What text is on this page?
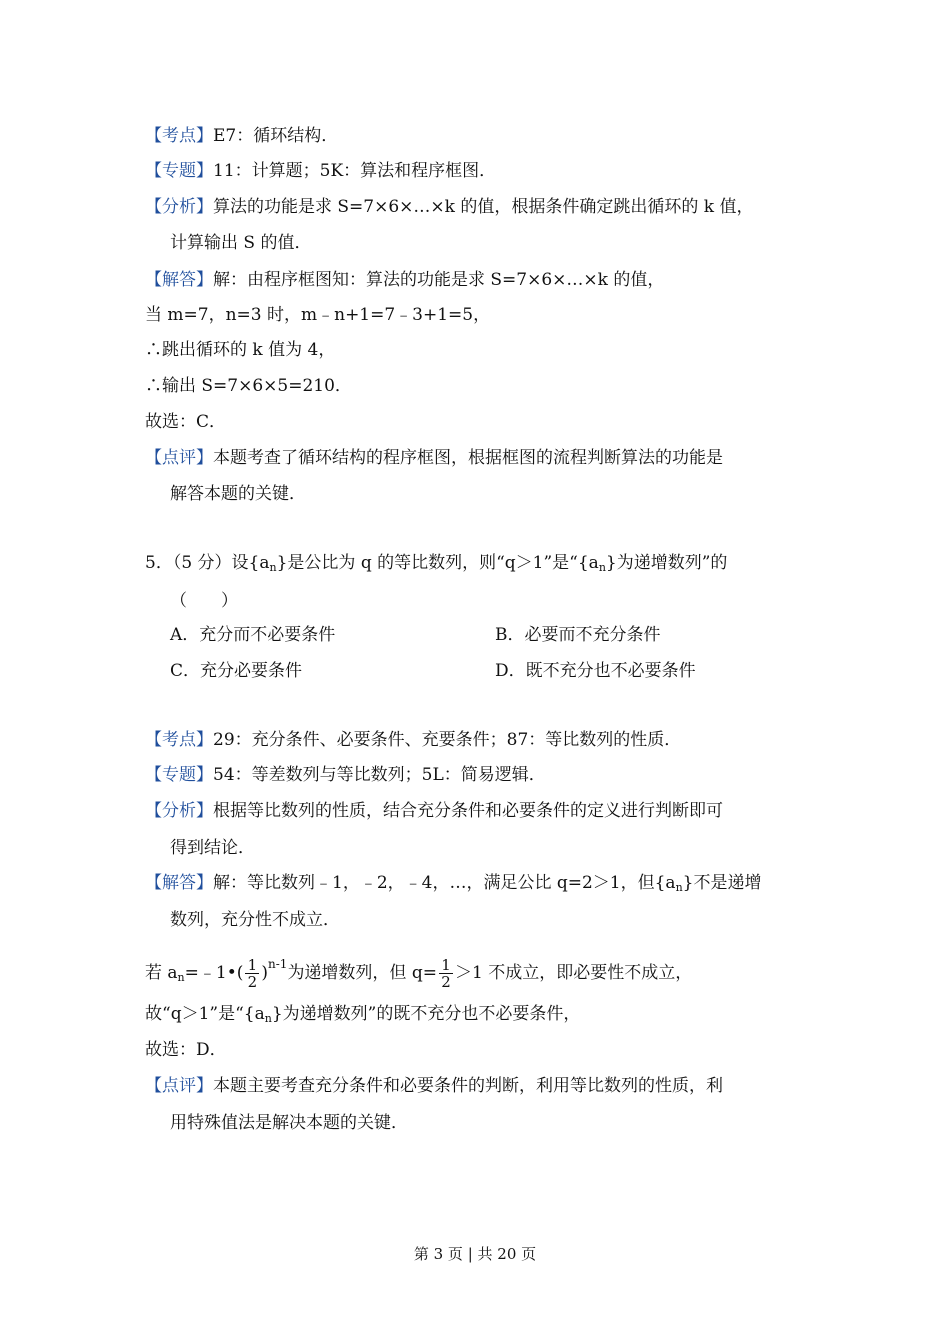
【考点】E7：循环结构．
【专题】11：计算题；5K：算法和程序框图．
【分析】算法的功能是求 S=7×6×…×k 的值，根据条件确定跳出循环的 k 值，
计算输出 S 的值．
【解答】解：由程序框图知：算法的功能是求 S=7×6×…×k 的值，
当 m=7，n=3 时，m﹣n+1=7﹣3+1=5，
∴跳出循环的 k 值为 4，
∴输出 S=7×6×5=210．
故选：C．
【点评】本题考查了循环结构的程序框图，根据框图的流程判断算法的功能是
解答本题的关键．
5．（5 分）设$\{a_n\}$是公比为 q 的等比数列，则“q＞1”是“$\{a_n\}$为递增数列”的
（　　）
A．充分而不必要条件	B．必要而不充分条件
C．充分必要条件	D．既不充分也不必要条件
【考点】29：充分条件、必要条件、充要条件；87：等比数列的性质．
【专题】54：等差数列与等比数列；5L：简易逻辑．
【分析】根据等比数列的性质，结合充分条件和必要条件的定义进行判断即可
得到结论．
【解答】解：等比数列﹣1，﹣2，﹣4，…，满足公比 q=2＞1，但$\{a_n\}$不是递增
数列，充分性不成立．
若 $a_n=﹣1•( \frac{1}{2} )^{n-1}$为递增数列，但 $q= \frac{1}{2} >1$ 不成立，即必要性不成立，
故“q＞1”是“$\{a_n\}$为递增数列”的既不充分也不必要条件，
故选：D．
【点评】本题主要考查充分条件和必要条件的判断，利用等比数列的性质，利
用特殊值法是解决本题的关键．
第 3 页 | 共 20 页
